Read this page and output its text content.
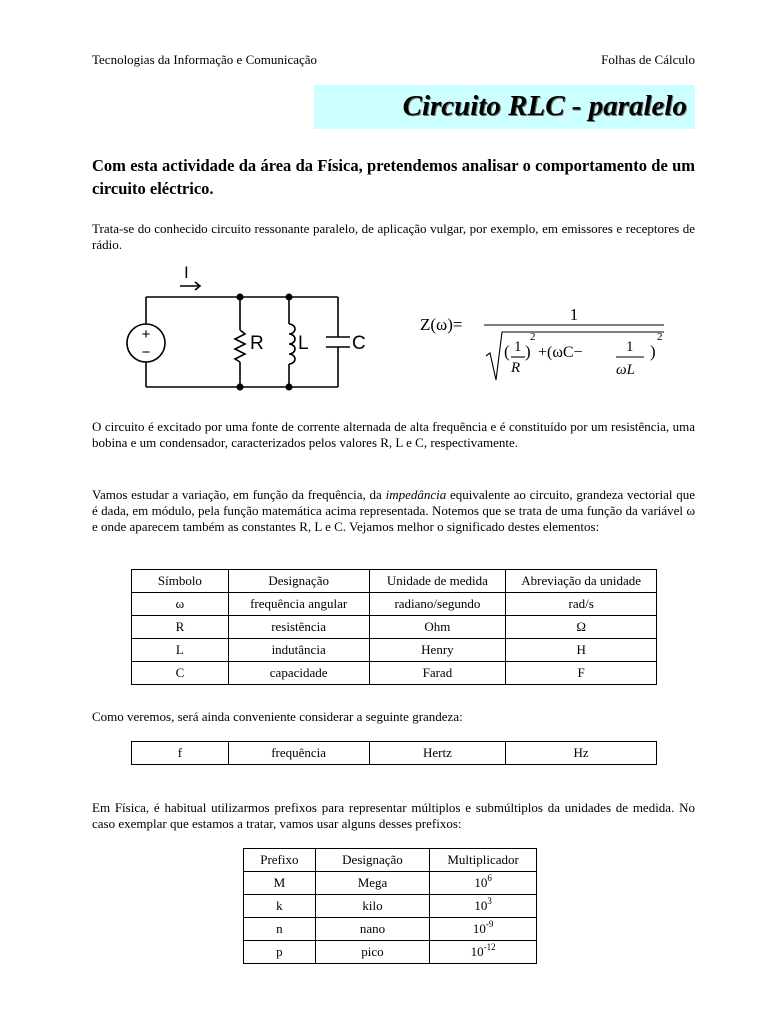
Tecnologias da Informação e Comunicação	Folhas de Cálculo
Circuito RLC - paralelo

Com esta actividade da área da Física, pretendemos analisar o comportamento de um circuito eléctrico.

Trata-se do conhecido circuito ressonante paralelo, de aplicação vulgar, por exemplo, em emissores e receptores de rádio.

+
−
I
R L C
Z(ω)=
1
( 1
R
)
2
+(ωC−	1
ωL
)
2

O circuito é excitado por uma fonte de corrente alternada de alta frequência e é constituído por um resistência, uma bobina e um condensador, caracterizados pelos valores R, L e C, respectivamente.

Vamos estudar a variação, em função da frequência, da impedância equivalente ao circuito, grandeza vectorial que é dada, em módulo, pela função matemática acima representada. Notemos que se trata de uma função da variável ω e onde aparecem também as constantes R, L e C. Vejamos melhor o significado destes elementos:

Símbolo	Designação	Unidade de medida	Abreviação da unidade
ω	frequência angular	radiano/segundo	rad/s
R	resistência	Ohm	Ω
L	indutância	Henry	H
C	capacidade	Farad	F

Como veremos, será ainda conveniente considerar a seguinte grandeza:

f	frequência	Hertz	Hz

Em Física, é habitual utilizarmos prefixos para representar múltiplos e submúltiplos da unidades de medida. No caso exemplar que estamos a tratar, vamos usar alguns desses prefixos:

Prefixo	Designação	Multiplicador
M	Mega	$10^6$
k	kilo	$10^3$
n	nano	$10^{-9}$
p	pico	$10^{-12}$
